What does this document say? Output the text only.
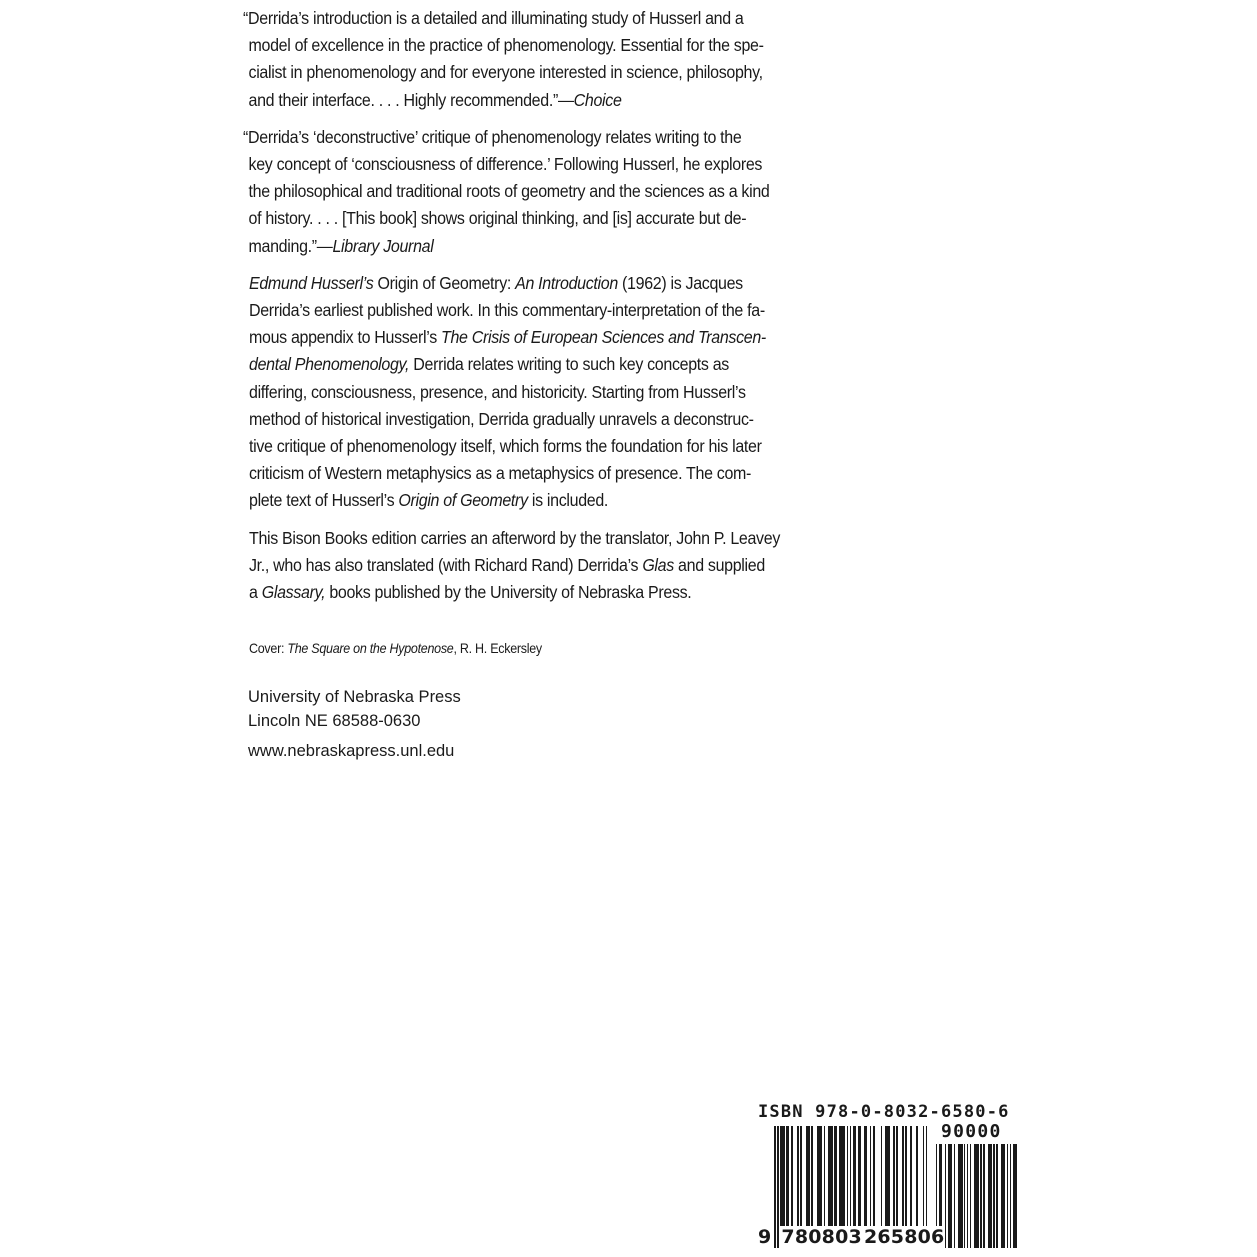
“Derrida’s introduction is a detailed and illuminating study of Husserl and a
model of excellence in the practice of phenomenology. Essential for the spe-
cialist in phenomenology and for everyone interested in science, philosophy,
and their interface. . . . Highly recommended.”—Choice

“Derrida’s ‘deconstructive’ critique of phenomenology relates writing to the
key concept of ‘consciousness of difference.’ Following Husserl, he explores
the philosophical and traditional roots of geometry and the sciences as a kind
of history. . . . [This book] shows original thinking, and [is] accurate but de-
manding.”—Library Journal

Edmund Husserl’s Origin of Geometry: An Introduction (1962) is Jacques
Derrida’s earliest published work. In this commentary-interpretation of the fa-
mous appendix to Husserl’s The Crisis of European Sciences and Transcen-
dental Phenomenology, Derrida relates writing to such key concepts as
differing, consciousness, presence, and historicity. Starting from Husserl’s
method of historical investigation, Derrida gradually unravels a deconstruc-
tive critique of phenomenology itself, which forms the foundation for his later
criticism of Western metaphysics as a metaphysics of presence. The com-
plete text of Husserl’s Origin of Geometry is included.

This Bison Books edition carries an afterword by the translator, John P. Leavey
Jr., who has also translated (with Richard Rand) Derrida’s Glas and supplied
a Glassary, books published by the University of Nebraska Press.

Cover: The Square on the Hypotenose, R. H. Eckersley
University of Nebraska Press
Lincoln NE 68588-0630
www.nebraskapress.unl.edu
ISBN 978-0-8032-6580-6
90000
9 780803 265806
